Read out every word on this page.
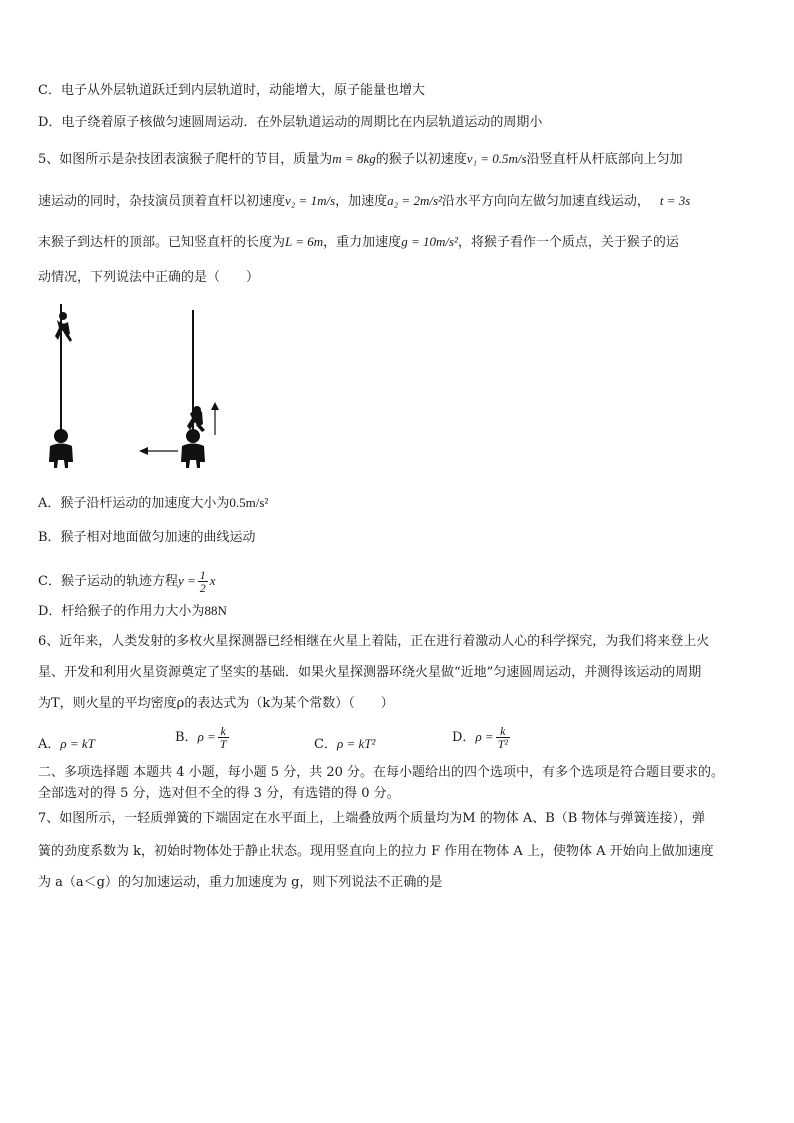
C．电子从外层轨道跃迁到内层轨道时，动能增大，原子能量也增大
D．电子绕着原子核做匀速圆周运动．在外层轨道运动的周期比在内层轨道运动的周期小
5、如图所示是杂技团表演猴子爬杆的节目，质量为m = 8kg的猴子以初速度v₁ = 0.5m/s沿竖直杆从杆底部向上匀加
速运动的同时，杂技演员顶着直杆以初速度v₂ = 1m/s，加速度a₂ = 2m/s²沿水平方向向左做匀加速直线运动， t = 3s
末猴子到达杆的顶部。已知竖直杆的长度为L = 6m，重力加速度g = 10m/s²，将猴子看作一个质点，关于猴子的运
动情况，下列说法中正确的是（　　）
A．猴子沿杆运动的加速度大小为0.5m/s²
B．猴子相对地面做匀加速的曲线运动
C．猴子运动的轨迹方程$y = \frac{1}{2}$ x
D．杆给猴子的作用力大小为88N
6、近年来，人类发射的多枚火星探测器已经相继在火星上着陆，正在进行着激动人心的科学探究，为我们将来登上火
星、开发和利用火星资源奠定了坚实的基础．如果火星探测器环绕火星做“近地”匀速圆周运动，并测得该运动的周期
为T，则火星的平均密度ρ的表达式为（k为某个常数）（　　）
A．ρ = kT	B．$\rho = \frac{k}{T}$	C．ρ = kT²	D．$\rho = \frac{k}{\text{T²}}$
二、多项选择题 本题共 4 小题，每小题 5 分，共 20 分。在每小题给出的四个选项中，有多个选项是符合题目要求的。
全部选对的得 5 分，选对但不全的得 3 分，有选错的得 0 分。
7、如图所示，一轻质弹簧的下端固定在水平面上，上端叠放两个质量均为M 的物体 A、B（B 物体与弹簧连接），弹
簧的劲度系数为 k，初始时物体处于静止状态。现用竖直向上的拉力 F 作用在物体 A 上，使物体 A 开始向上做加速度
为 a（a＜g）的匀加速运动，重力加速度为 g，则下列说法不正确的是
